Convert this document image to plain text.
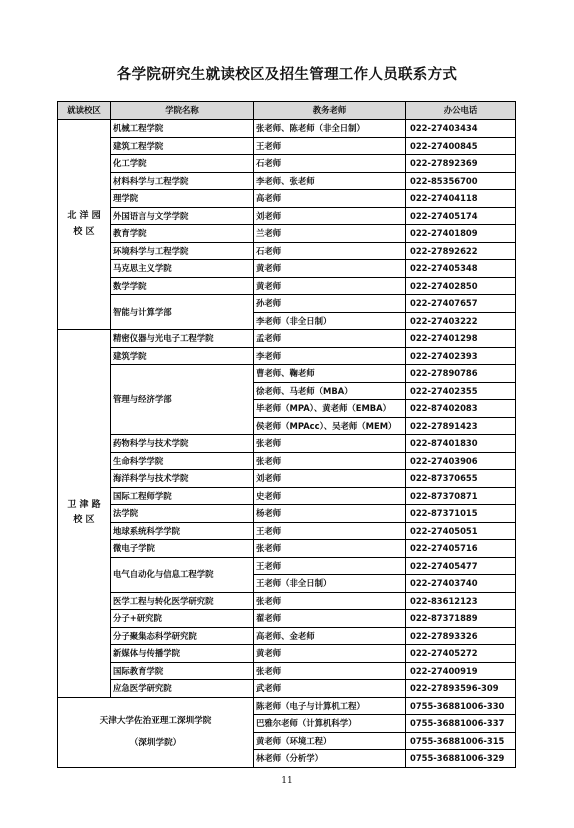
各学院研究生就读校区及招生管理工作人员联系方式
就读校区	学院名称	教务老师	办公电话
北 洋 园
校 区	机械工程学院	张老师、陈老师（非全日制）	022-27403434
	建筑工程学院	王老师	022-27400845
	化工学院	石老师	022-27892369
	材料科学与工程学院	李老师、张老师	022-85356700
	理学院	高老师	022-27404118
	外国语言与文学学院	刘老师	022-27405174
	教育学院	兰老师	022-27401809
	环境科学与工程学院	石老师	022-27892622
	马克思主义学院	黄老师	022-27405348
	数学学院	黄老师	022-27402850
	智能与计算学部	孙老师	022-27407657
		李老师（非全日制）	022-27403222
卫 津 路
校 区	精密仪器与光电子工程学院	孟老师	022-27401298
	建筑学院	李老师	022-27402393
	管理与经济学部	曹老师、鞠老师	022-27890786
		徐老师、马老师（MBA）	022-27402355
		毕老师（MPA）、黄老师（EMBA）	022-87402083
		侯老师（MPAcc）、吴老师（MEM）	022-27891423
	药物科学与技术学院	张老师	022-87401830
	生命科学学院	张老师	022-27403906
	海洋科学与技术学院	刘老师	022-87370655
	国际工程师学院	史老师	022-87370871
	法学院	杨老师	022-87371015
	地球系统科学学院	王老师	022-27405051
	微电子学院	张老师	022-27405716
	电气自动化与信息工程学院	王老师	022-27405477
		王老师（非全日制）	022-27403740
	医学工程与转化医学研究院	张老师	022-83612123
	分子+研究院	翟老师	022-87371889
	分子聚集态科学研究院	高老师、金老师	022-27893326
	新媒体与传播学院	黄老师	022-27405272
	国际教育学院	张老师	022-27400919
	应急医学研究院	武老师	022-27893596-309
天津大学佐治亚理工深圳学院
（深圳学院）		陈老师（电子与计算机工程）	0755-36881006-330
		巴雅尔老师（计算机科学）	0755-36881006-337
		黄老师（环境工程）	0755-36881006-315
		林老师（分析学）	0755-36881006-329
11
